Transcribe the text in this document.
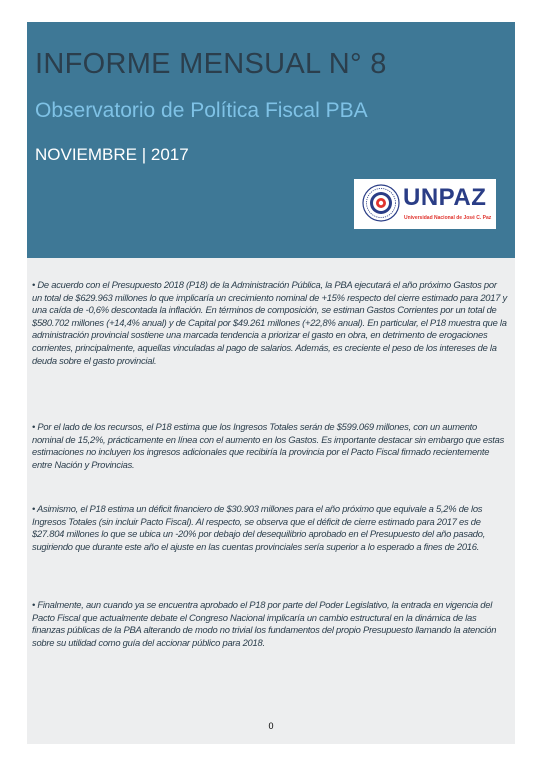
INFORME MENSUAL N° 8
Observatorio de Política Fiscal PBA
NOVIEMBRE | 2017
UNPAZ
Universidad Nacional de José C. Paz

• De acuerdo con el Presupuesto 2018 (P18) de la Administración Pública, la PBA ejecutará el año próximo Gastos por un total de $629.963 millones lo que implicaría un crecimiento nominal de +15% respecto del cierre estimado para 2017 y una caída de -0,6% descontada la inflación. En términos de composición, se estiman Gastos Corrientes por un total de $580.702 millones (+14,4% anual) y de Capital por $49.261 millones (+22,8% anual). En particular, el P18 muestra que la administración provincial sostiene una marcada tendencia a priorizar el gasto en obra, en detrimento de erogaciones corrientes, principalmente, aquellas vinculadas al pago de salarios. Además, es creciente el peso de los intereses de la deuda sobre el gasto provincial.

• Por el lado de los recursos, el P18 estima que los Ingresos Totales serán de $599.069 millones, con un aumento nominal de 15,2%, prácticamente en línea con el aumento en los Gastos. Es importante destacar sin embargo que estas estimaciones no incluyen los ingresos adicionales que recibiría la provincia por el Pacto Fiscal firmado recientemente entre Nación y Provincias.

• Asimismo, el P18 estima un déficit financiero de $30.903 millones para el año próximo que equivale a 5,2% de los Ingresos Totales (sin incluir Pacto Fiscal). Al respecto, se observa que el déficit de cierre estimado para 2017 es de $27.804 millones lo que se ubica un -20% por debajo del desequilibrio aprobado en el Presupuesto del año pasado, sugiriendo que durante este año el ajuste en las cuentas provinciales sería superior a lo esperado a fines de 2016.

• Finalmente, aun cuando ya se encuentra aprobado el P18 por parte del Poder Legislativo, la entrada en vigencia del Pacto Fiscal que actualmente debate el Congreso Nacional implicaría un cambio estructural en la dinámica de las finanzas públicas de la PBA alterando de modo no trivial los fundamentos del propio Presupuesto llamando la atención sobre su utilidad como guía del accionar público para 2018.

0
